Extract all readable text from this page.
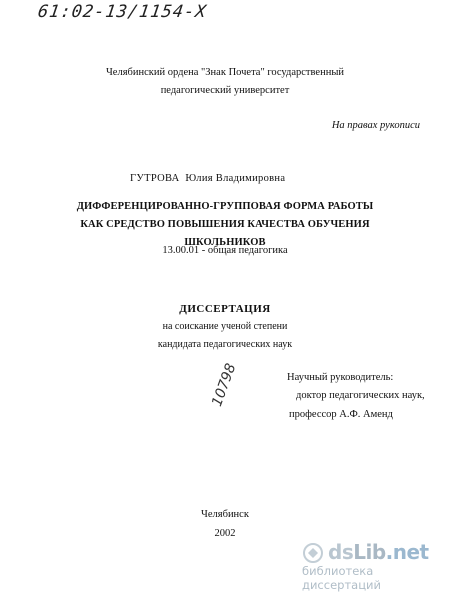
61:02-13/1154-X
Челябинский ордена "Знак Почета" государственный
педагогический университет
На правах рукописи
ГУТРОВА  Юлия Владимировна
ДИФФЕРЕНЦИРОВАННО-ГРУППОВАЯ ФОРМА РАБОТЫ
КАК СРЕДСТВО ПОВЫШЕНИЯ КАЧЕСТВА ОБУЧЕНИЯ
ШКОЛЬНИКОВ
13.00.01 - общая педагогика
ДИССЕРТАЦИЯ
на соискание ученой степени
кандидата педагогических наук
10798	Научный руководитель:
доктор педагогических наук,
профессор А.Ф. Аменд
Челябинск
2002
dsLib.net
библиотека диссертаций
